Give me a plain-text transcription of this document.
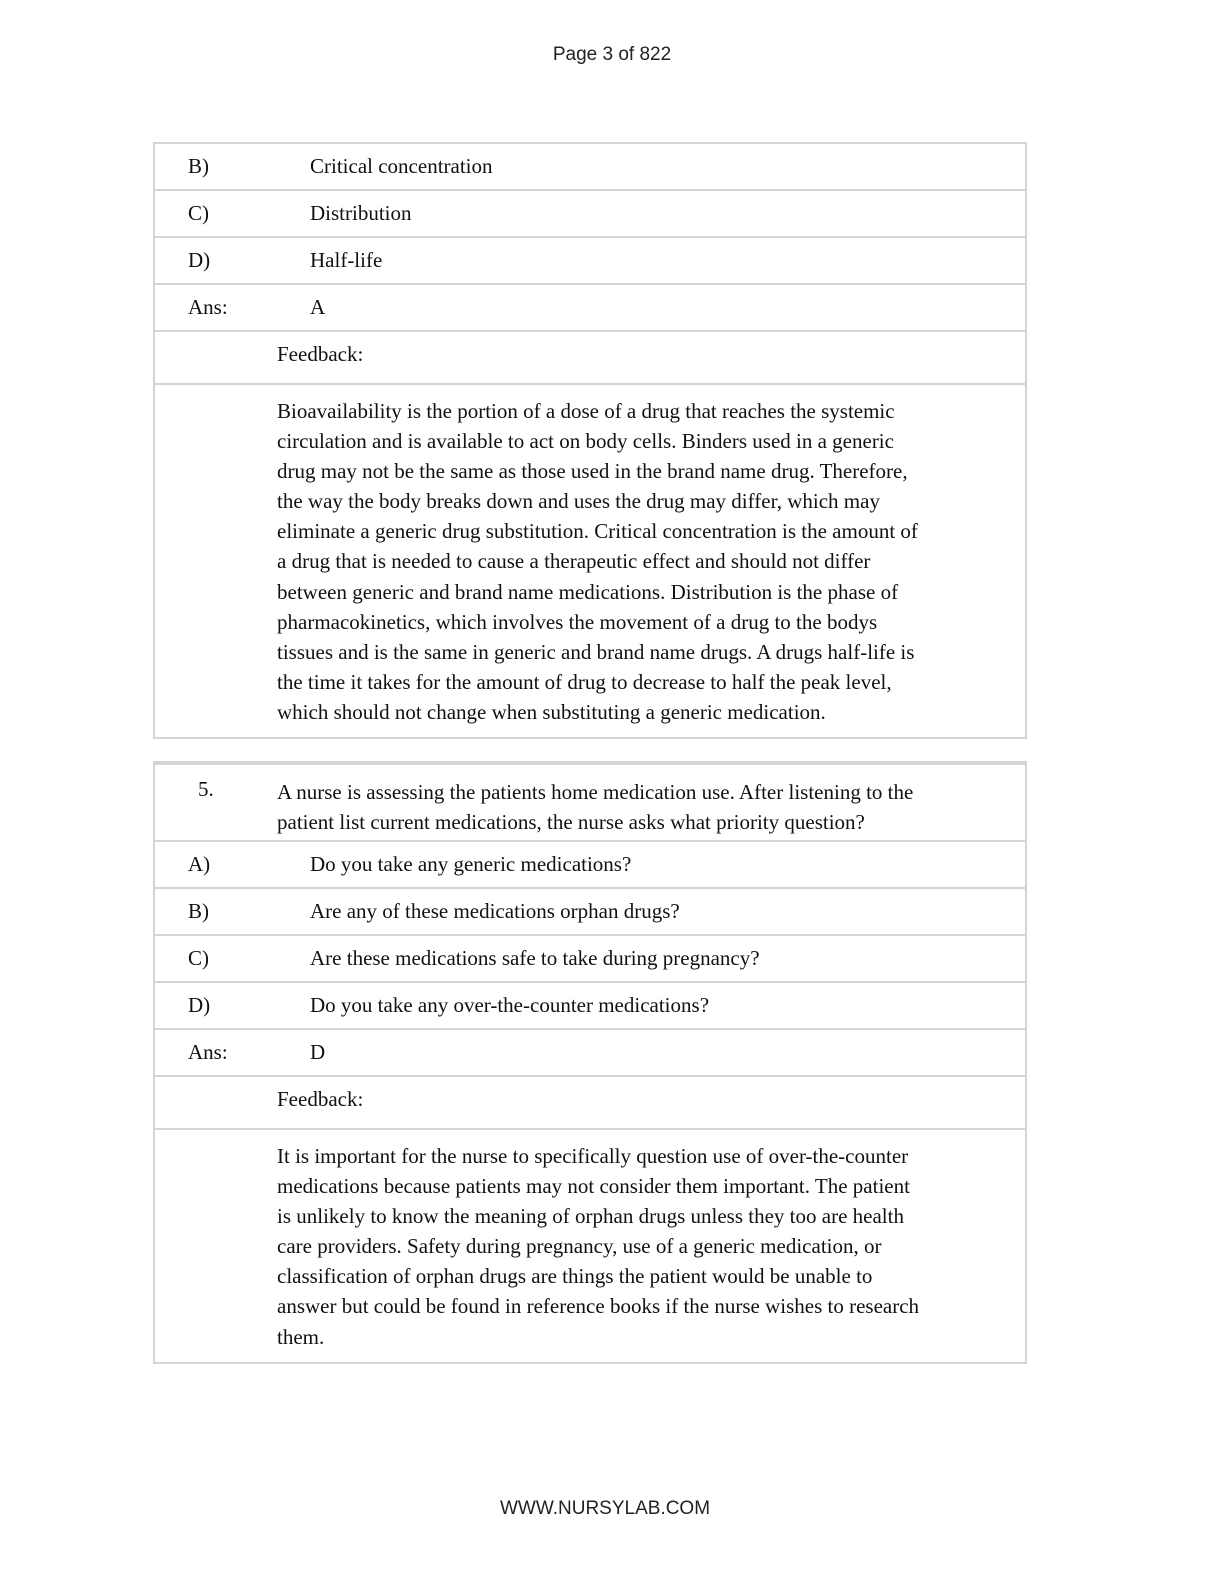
Page 3 of 822
B)	Critical concentration
C)	Distribution
D)	Half-life
Ans:	A
Feedback:

Bioavailability is the portion of a dose of a drug that reaches the systemic
circulation and is available to act on body cells. Binders used in a generic
drug may not be the same as those used in the brand name drug. Therefore,
the way the body breaks down and uses the drug may differ, which may
eliminate a generic drug substitution. Critical concentration is the amount of
a drug that is needed to cause a therapeutic effect and should not differ
between generic and brand name medications. Distribution is the phase of
pharmacokinetics, which involves the movement of a drug to the bodys
tissues and is the same in generic and brand name drugs. A drugs half-life is
the time it takes for the amount of drug to decrease to half the peak level,
which should not change when substituting a generic medication.

5.	A nurse is assessing the patients home medication use. After listening to the
patient list current medications, the nurse asks what priority question?

A)	Do you take any generic medications?
B)	Are any of these medications orphan drugs?
C)	Are these medications safe to take during pregnancy?
D)	Do you take any over-the-counter medications?
Ans:	D
Feedback:

It is important for the nurse to specifically question use of over-the-counter
medications because patients may not consider them important. The patient
is unlikely to know the meaning of orphan drugs unless they too are health
care providers. Safety during pregnancy, use of a generic medication, or
classification of orphan drugs are things the patient would be unable to
answer but could be found in reference books if the nurse wishes to research
them.

WWW.NURSYLAB.COM
